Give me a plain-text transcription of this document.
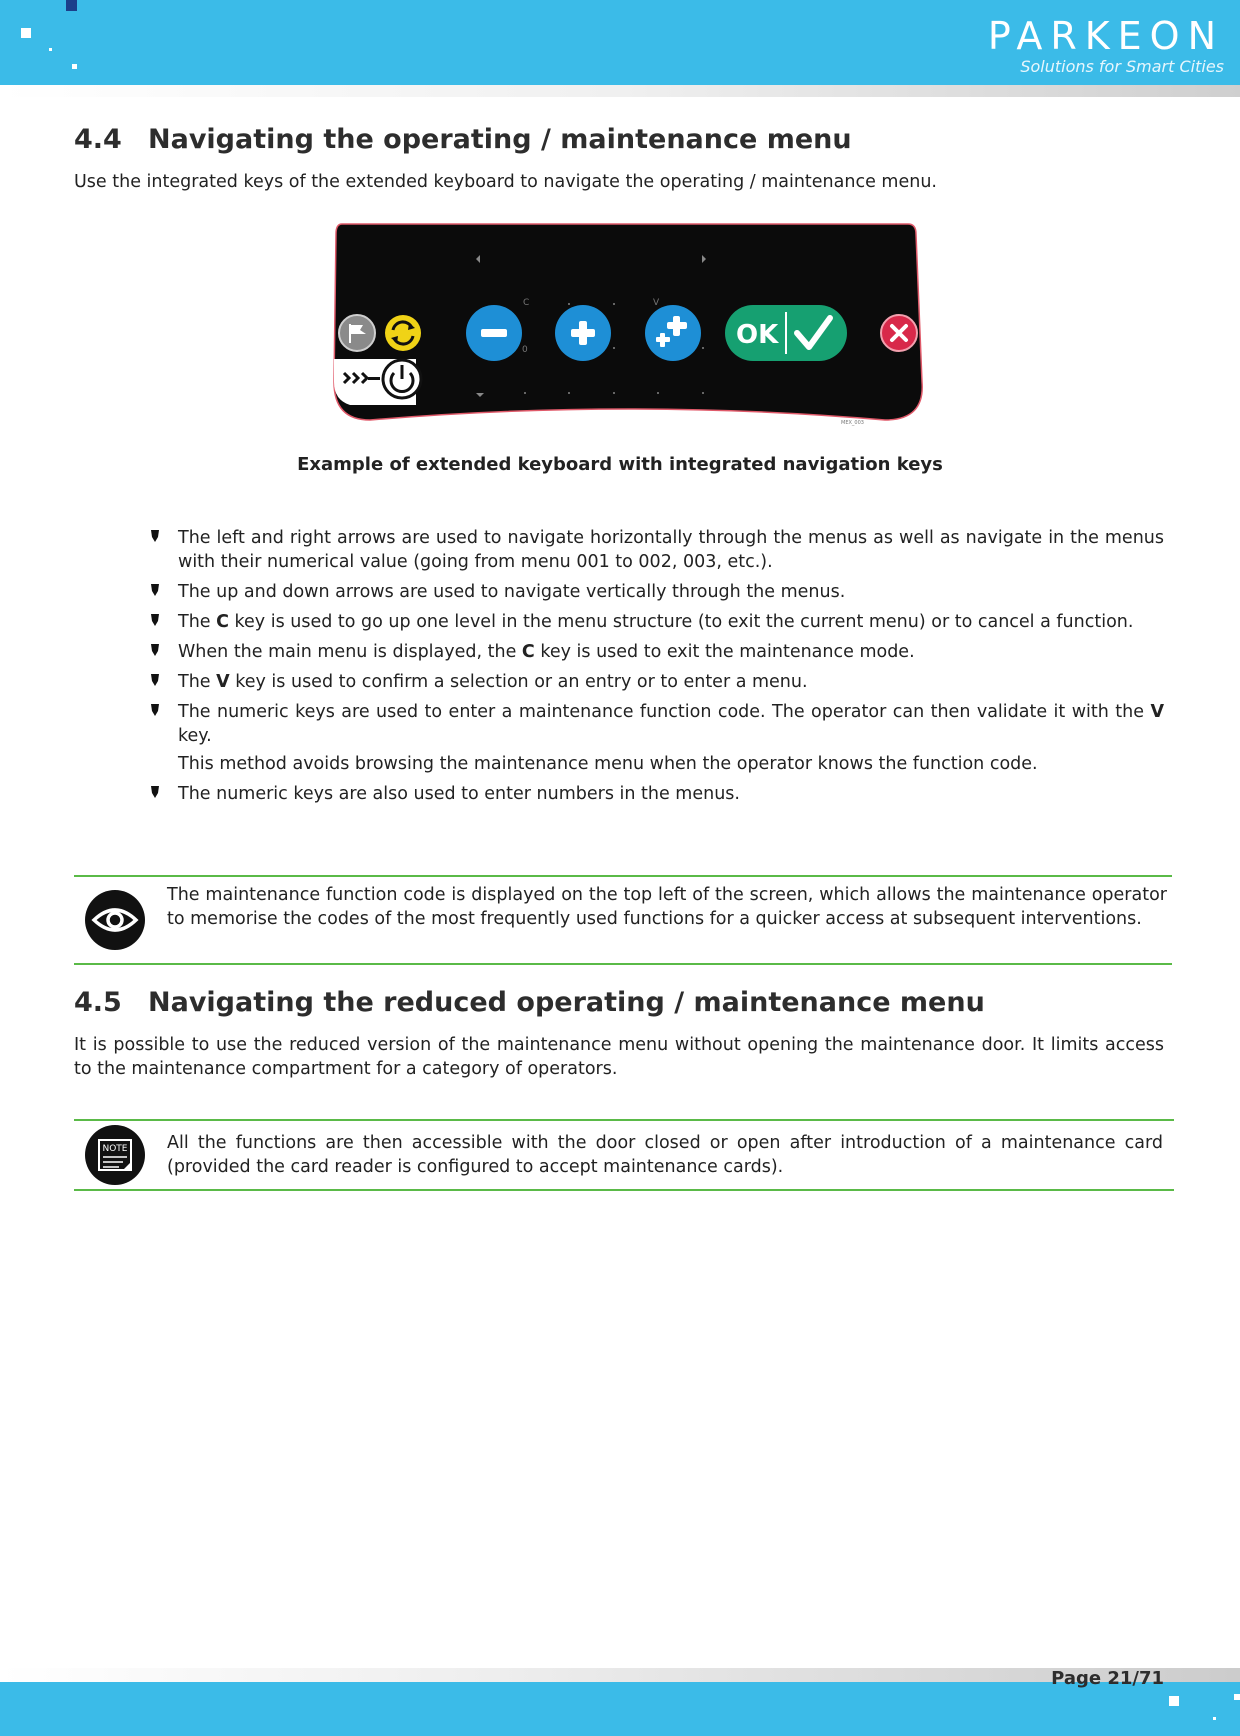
PARKEON
Solutions for Smart Cities
4.4 Navigating the operating / maintenance menu

Use the integrated keys of the extended keyboard to navigate the operating / maintenance menu.

C	V
0	OK
MEX_003
Example of extended keyboard with integrated navigation keys
The left and right arrows are used to navigate horizontally through the menus as well as navigate in the menus with their numerical value (going from menu 001 to 002, 003, etc.).
The up and down arrows are used to navigate vertically through the menus.
The C key is used to go up one level in the menu structure (to exit the current menu) or to cancel a function.
When the main menu is displayed, the C key is used to exit the maintenance mode.
The V key is used to confirm a selection or an entry or to enter a menu.
The numeric keys are used to enter a maintenance function code. The operator can then validate it with the V key.
This method avoids browsing the maintenance menu when the operator knows the function code.
The numeric keys are also used to enter numbers in the menus.

The maintenance function code is displayed on the top left of the screen, which allows the maintenance operator to memorise the codes of the most frequently used functions for a quicker access at subsequent interventions.

4.5 Navigating the reduced operating / maintenance menu

It is possible to use the reduced version of the maintenance menu without opening the maintenance door. It limits access to the maintenance compartment for a category of operators.

NOTE All the functions are then accessible with the door closed or open after introduction of a maintenance card (provided the card reader is configured to accept maintenance cards).

Page 21/71
